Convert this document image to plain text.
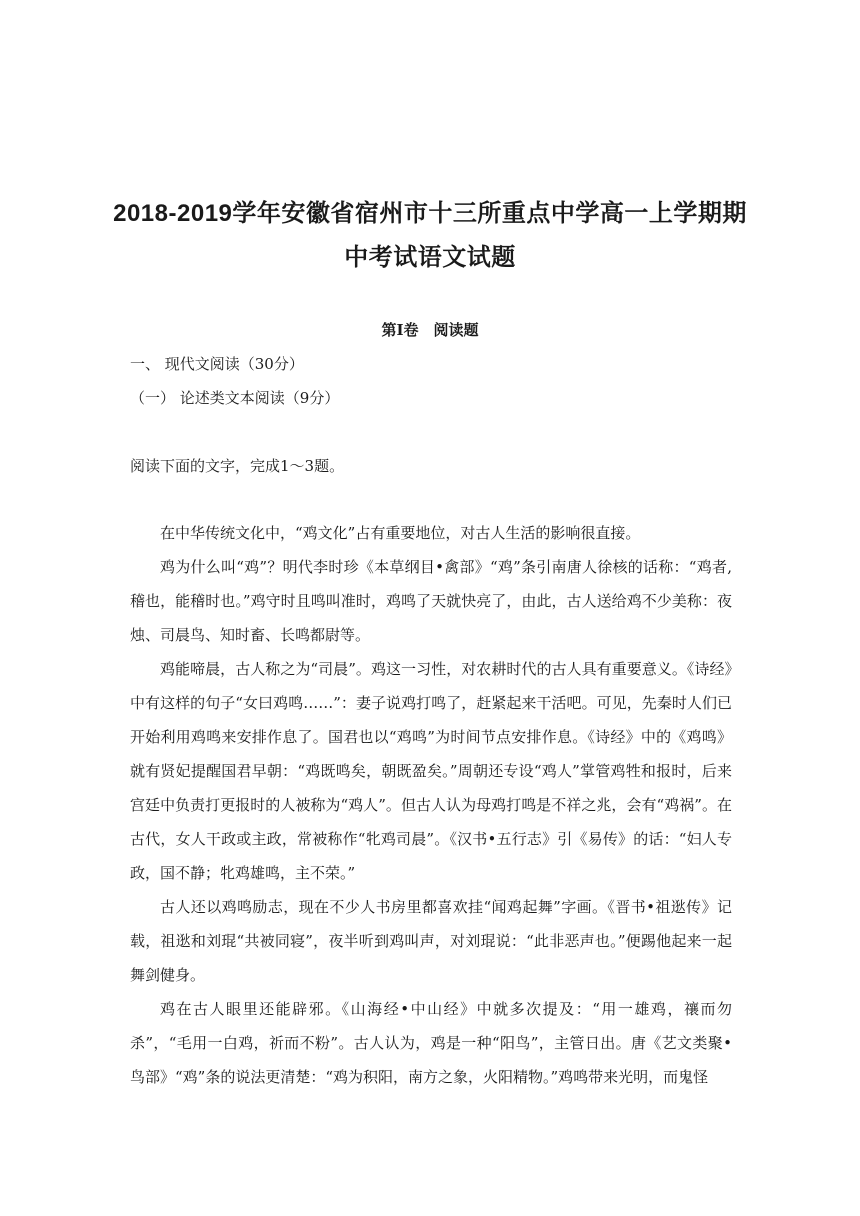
2018-2019学年安徽省宿州市十三所重点中学高一上学期期
中考试语文试题
第Ⅰ卷　阅读题

一、 现代文阅读（30分）

（一） 论述类文本阅读（9分）

阅读下面的文字，完成1～3题。

在中华传统文化中，“鸡文化”占有重要地位，对古人生活的影响很直接。

鸡为什么叫“鸡”？明代李时珍《本草纲目•禽部》“鸡”条引南唐人徐核的话称：“鸡者,稽也，能稽时也。”鸡守时且鸣叫准时，鸡鸣了天就快亮了，由此，古人送给鸡不少美称：夜烛、司晨鸟、知时畜、长鸣都尉等。

鸡能啼晨，古人称之为“司晨”。鸡这一习性，对农耕时代的古人具有重要意义。《诗经》中有这样的句子“女曰鸡鸣……”：妻子说鸡打鸣了，赶紧起来干活吧。可见，先秦时人们已开始利用鸡鸣来安排作息了。国君也以“鸡鸣”为时间节点安排作息。《诗经》中的《鸡鸣》就有贤妃提醒国君早朝：“鸡既鸣矣，朝既盈矣。”周朝还专设“鸡人”掌管鸡牲和报时，后来宫廷中负责打更报时的人被称为“鸡人”。但古人认为母鸡打鸣是不祥之兆，会有“鸡祸”。在古代，女人干政或主政，常被称作“牝鸡司晨”。《汉书•五行志》引《易传》的话：“妇人专政，国不静；牝鸡雄鸣，主不荣。”

古人还以鸡鸣励志，现在不少人书房里都喜欢挂“闻鸡起舞”字画。《晋书•祖逖传》记载，祖逖和刘琨“共被同寝”，夜半听到鸡叫声，对刘琨说：“此非恶声也。”便踢他起来一起舞剑健身。

鸡在古人眼里还能辟邪。《山海经•中山经》中就多次提及：“用一雄鸡，禳而勿杀”，“毛用一白鸡，祈而不粉”。古人认为，鸡是一种“阳鸟”，主管日出。唐《艺文类聚•鸟部》“鸡”条的说法更清楚：“鸡为积阳，南方之象，火阳精物。”鸡鸣带来光明，而鬼怪
